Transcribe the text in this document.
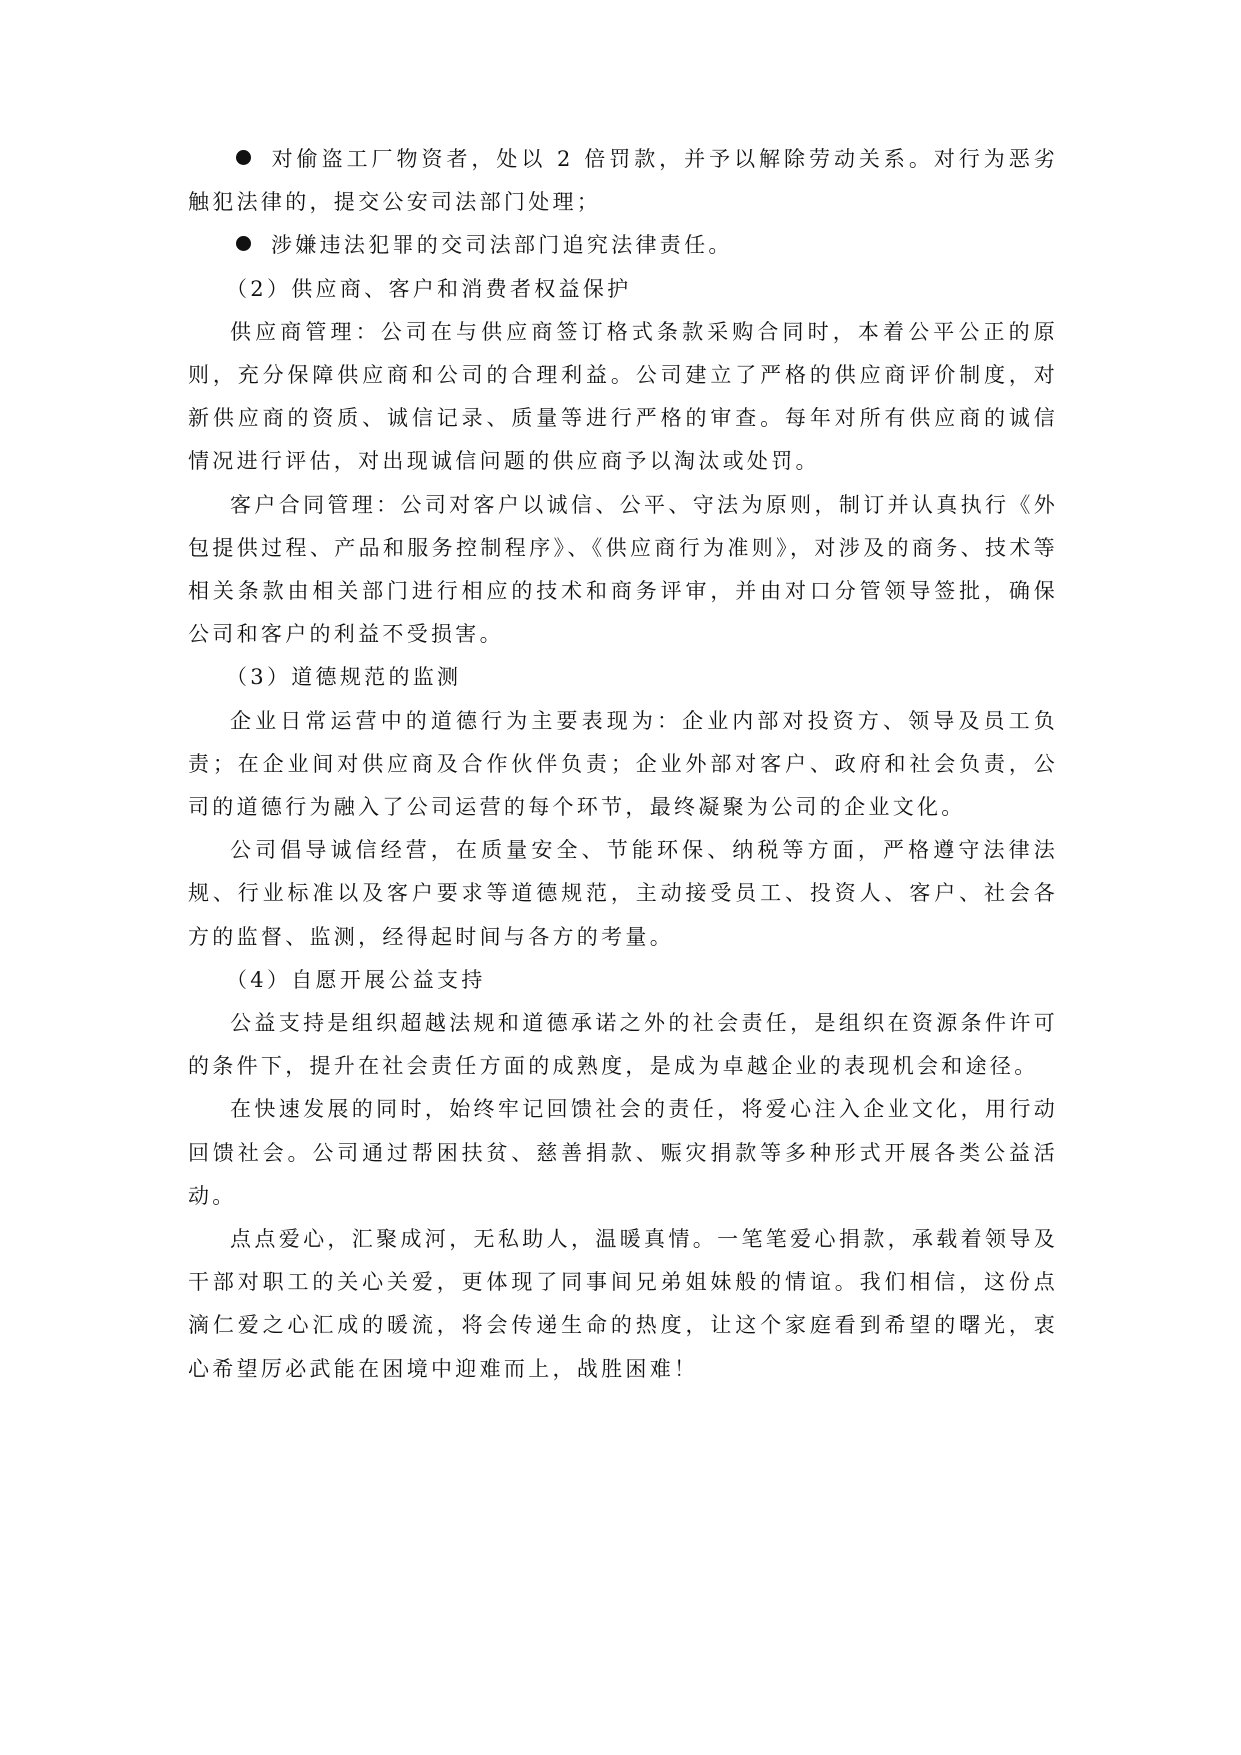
对偷盗工厂物资者，处以 2 倍罚款，并予以解除劳动关系。对行为恶劣触犯法律的，提交公安司法部门处理；

涉嫌违法犯罪的交司法部门追究法律责任。

（2）供应商、客户和消费者权益保护

供应商管理：公司在与供应商签订格式条款采购合同时，本着公平公正的原则，充分保障供应商和公司的合理利益。公司建立了严格的供应商评价制度，对新供应商的资质、诚信记录、质量等进行严格的审查。每年对所有供应商的诚信情况进行评估，对出现诚信问题的供应商予以淘汰或处罚。

客户合同管理：公司对客户以诚信、公平、守法为原则，制订并认真执行《外包提供过程、产品和服务控制程序》、《供应商行为准则》，对涉及的商务、技术等相关条款由相关部门进行相应的技术和商务评审，并由对口分管领导签批，确保公司和客户的利益不受损害。

（3）道德规范的监测

企业日常运营中的道德行为主要表现为：企业内部对投资方、领导及员工负责；在企业间对供应商及合作伙伴负责；企业外部对客户、政府和社会负责，公司的道德行为融入了公司运营的每个环节，最终凝聚为公司的企业文化。

公司倡导诚信经营，在质量安全、节能环保、纳税等方面，严格遵守法律法规、行业标准以及客户要求等道德规范，主动接受员工、投资人、客户、社会各方的监督、监测，经得起时间与各方的考量。

（4）自愿开展公益支持

公益支持是组织超越法规和道德承诺之外的社会责任，是组织在资源条件许可的条件下，提升在社会责任方面的成熟度，是成为卓越企业的表现机会和途径。

在快速发展的同时，始终牢记回馈社会的责任，将爱心注入企业文化，用行动回馈社会。公司通过帮困扶贫、慈善捐款、赈灾捐款等多种形式开展各类公益活动。

点点爱心，汇聚成河，无私助人，温暖真情。一笔笔爱心捐款，承载着领导及干部对职工的关心关爱，更体现了同事间兄弟姐妹般的情谊。我们相信，这份点滴仁爱之心汇成的暖流，将会传递生命的热度，让这个家庭看到希望的曙光，衷心希望厉必武能在困境中迎难而上，战胜困难！
